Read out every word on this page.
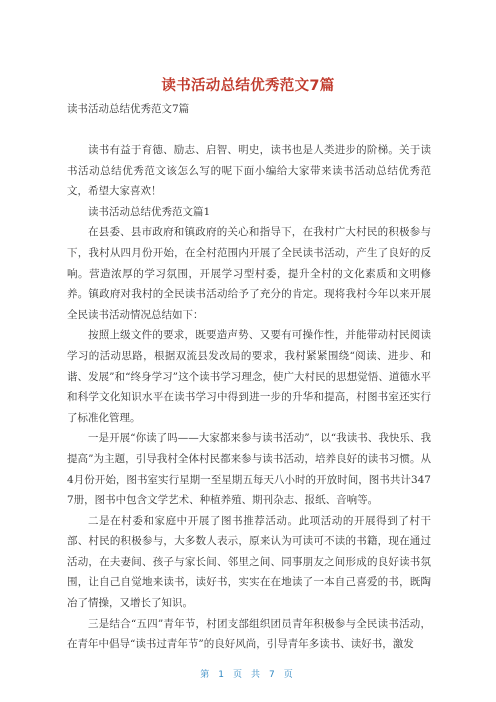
读书活动总结优秀范文7篇
读书活动总结优秀范文7篇

读书有益于育德、励志、启智、明史，读书也是人类进步的阶梯。关于读书活动总结优秀范文该怎么写的呢下面小编给大家带来读书活动总结优秀范文，希望大家喜欢！

读书活动总结优秀范文篇1

在县委、县市政府和镇政府的关心和指导下，在我村广大村民的积极参与下，我村从四月份开始，在全村范围内开展了全民读书活动，产生了良好的反响。营造浓厚的学习氛围，开展学习型村委，提升全村的文化素质和文明修养。镇政府对我村的全民读书活动给予了充分的肯定。现将我村今年以来开展全民读书活动情况总结如下：

按照上级文件的要求，既要造声势、又要有可操作性，并能带动村民阅读学习的活动思路，根据双流县发改局的要求，我村紧紧围绕“阅读、进步、和谐、发展”和“终身学习”这个读书学习理念，使广大村民的思想觉悟、道德水平和科学文化知识水平在读书学习中得到进一步的升华和提高，村图书室还实行了标准化管理。

一是开展“你读了吗——大家都来参与读书活动”，以“我读书、我快乐、我提高”为主题，引导我村全体村民都来参与读书活动，培养良好的读书习惯。从4月份开始，图书室实行星期一至星期五每天八小时的开放时间，图书共计3477册，图书中包含文学艺术、种植养殖、期刊杂志、报纸、音响等。

二是在村委和家庭中开展了图书推荐活动。此项活动的开展得到了村干部、村民的积极参与，大多数人表示，原来认为可读可不读的书籍，现在通过活动，在夫妻间、孩子与家长间、邻里之间、同事朋友之间形成的良好读书氛围，让自己自觉地来读书，读好书，实实在在地读了一本自己喜爱的书，既陶冶了情操，又增长了知识。

三是结合“五四”青年节，村团支部组织团员青年积极参与全民读书活动，在青年中倡导“读书过青年节”的良好风尚，引导青年多读书、读好书，激发

第 1 页 共 7 页
